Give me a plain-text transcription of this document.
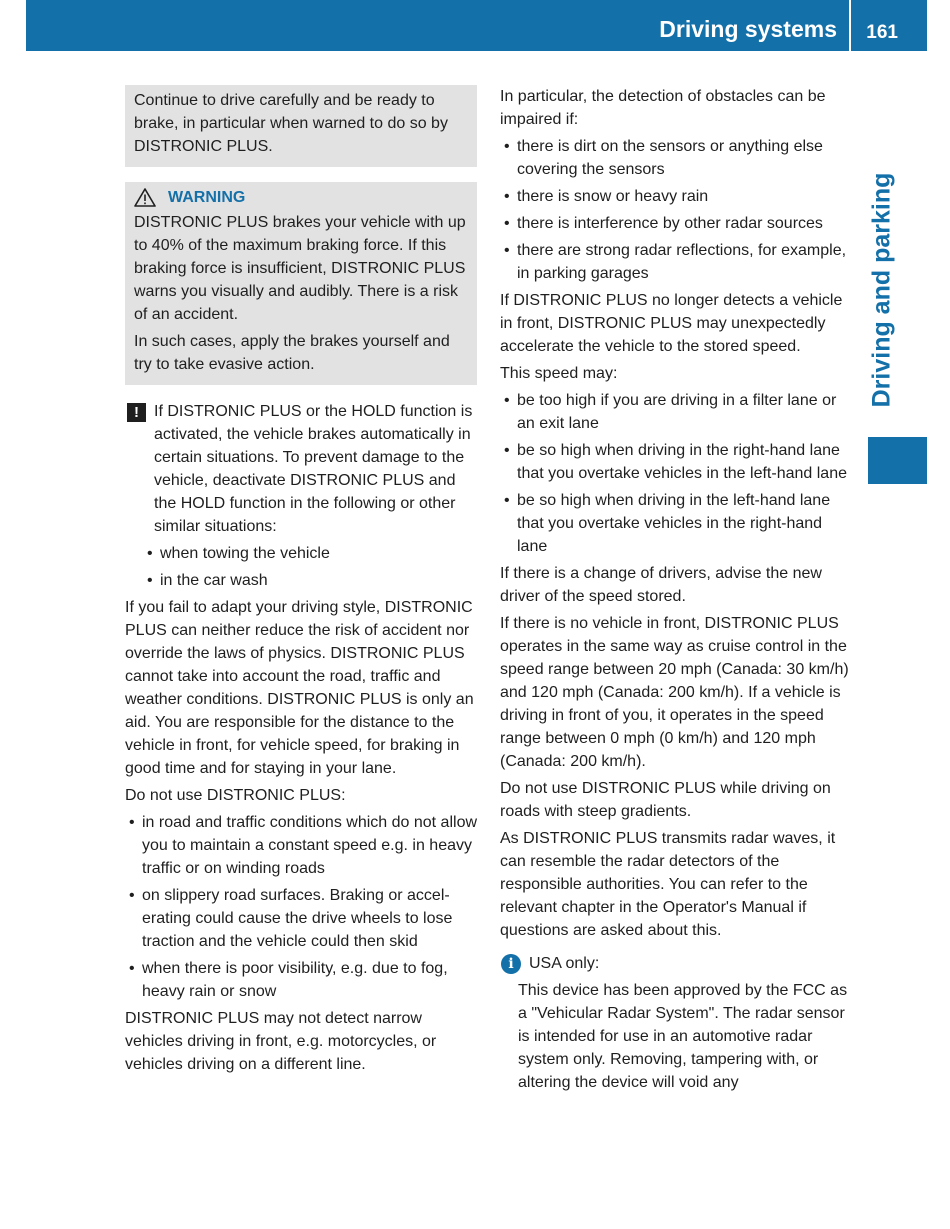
Driving systems 161
Driving and parking

Continue to drive carefully and be ready to brake, in particular when warned to do so by DISTRONIC PLUS.

WARNING

DISTRONIC PLUS brakes your vehicle with up to 40% of the maximum braking force. If this braking force is insufficient, DISTRONIC PLUS warns you visually and audibly. There is a risk of an accident.

In such cases, apply the brakes yourself and try to take evasive action.

! If DISTRONIC PLUS or the HOLD function is activated, the vehicle brakes automatically in certain situations. To prevent damage to the vehicle, deactivate DISTRONIC PLUS and the HOLD function in the following or other similar situations:
• when towing the vehicle
• in the car wash

If you fail to adapt your driving style, DISTRONIC PLUS can neither reduce the risk of accident nor override the laws of physics. DISTRONIC PLUS cannot take into account the road, traffic and weather conditions. DISTRONIC PLUS is only an aid. You are responsible for the distance to the vehicle in front, for vehicle speed, for braking in good time and for staying in your lane.

Do not use DISTRONIC PLUS:

• in road and traffic conditions which do not allow you to maintain a constant speed e.g. in heavy traffic or on winding roads
• on slippery road surfaces. Braking or accelerating could cause the drive wheels to lose traction and the vehicle could then skid
• when there is poor visibility, e.g. due to fog, heavy rain or snow

DISTRONIC PLUS may not detect narrow vehicles driving in front, e.g. motorcycles, or vehicles driving on a different line.

In particular, the detection of obstacles can be impaired if:

• there is dirt on the sensors or anything else covering the sensors
• there is snow or heavy rain
• there is interference by other radar sources
• there are strong radar reflections, for example, in parking garages

If DISTRONIC PLUS no longer detects a vehicle in front, DISTRONIC PLUS may unexpectedly accelerate the vehicle to the stored speed.

This speed may:

• be too high if you are driving in a filter lane or an exit lane
• be so high when driving in the right-hand lane that you overtake vehicles in the left-hand lane
• be so high when driving in the left-hand lane that you overtake vehicles in the right-hand lane

If there is a change of drivers, advise the new driver of the speed stored.

If there is no vehicle in front, DISTRONIC PLUS operates in the same way as cruise control in the speed range between 20 mph (Canada: 30 km/h) and 120 mph (Canada: 200 km/h). If a vehicle is driving in front of you, it operates in the speed range between 0 mph (0 km/h) and 120 mph (Canada: 200 km/h).

Do not use DISTRONIC PLUS while driving on roads with steep gradients.

As DISTRONIC PLUS transmits radar waves, it can resemble the radar detectors of the responsible authorities. You can refer to the relevant chapter in the Operator's Manual if questions are asked about this.

i USA only:
This device has been approved by the FCC as a "Vehicular Radar System". The radar sensor is intended for use in an automotive radar system only. Removing, tampering with, or altering the device will void any
